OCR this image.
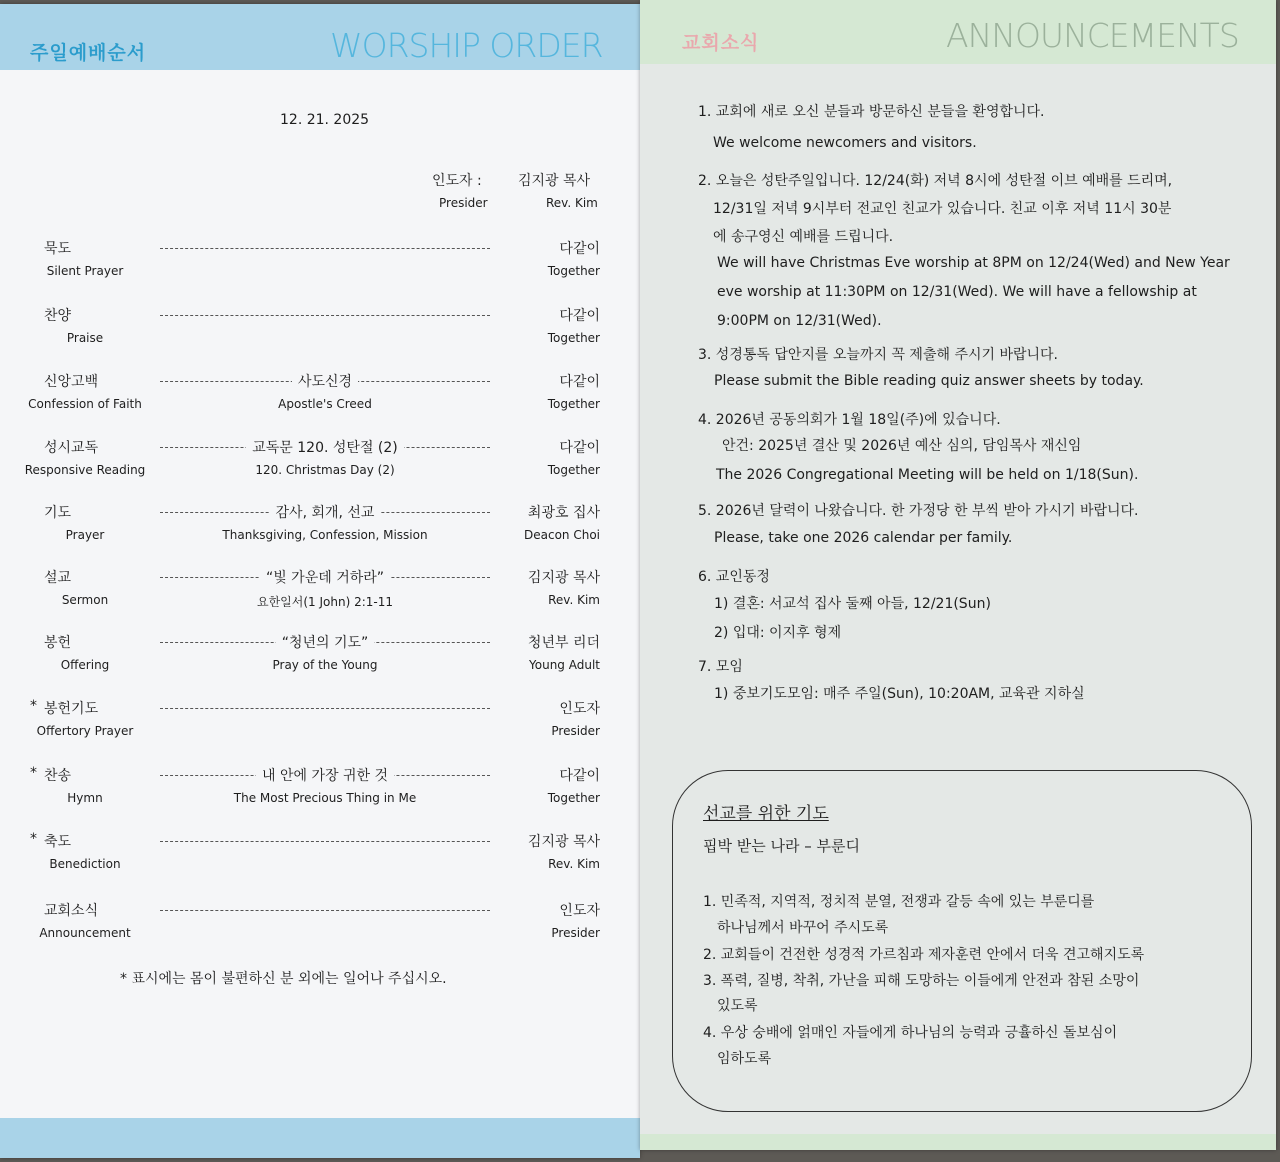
주일예배순서	WORSHIP ORDER
12. 21. 2025
인도자 :
Presider
김지광 목사
Rev. Kim
묵도
Silent Prayer
다같이
Together
찬양
Praise
다같이
Together
신앙고백
Confession of Faith
사도신경
Apostle's Creed
다같이
Together
성시교독
Responsive Reading
교독문 120. 성탄절 (2)
120. Christmas Day (2)
다같이
Together
기도
Prayer
감사, 회개, 선교
Thanksgiving, Confession, Mission
최광호 집사
Deacon Choi
설교
Sermon
“빛 가운데 거하라”
요한일서(1 John) 2:1-11
김지광 목사
Rev. Kim
봉헌
Offering
“청년의 기도”
Pray of the Young
청년부 리더
Young Adult
* 봉헌기도
Offertory Prayer
인도자
Presider
* 찬송
Hymn
내 안에 가장 귀한 것
The Most Precious Thing in Me
다같이
Together
* 축도
Benediction
김지광 목사
Rev. Kim
교회소식
Announcement
인도자
Presider
* 표시에는 몸이 불편하신 분 외에는 일어나 주십시오.
교회소식	ANNOUNCEMENTS
1. 교회에 새로 오신 분들과 방문하신 분들을 환영합니다.
We welcome newcomers and visitors.
2. 오늘은 성탄주일입니다. 12/24(화) 저녁 8시에 성탄절 이브 예배를 드리며,
12/31일 저녁 9시부터 전교인 친교가 있습니다. 친교 이후 저녁 11시 30분
에 송구영신 예배를 드립니다.
We will have Christmas Eve worship at 8PM on 12/24(Wed) and New Year
eve worship at 11:30PM on 12/31(Wed). We will have a fellowship at
9:00PM on 12/31(Wed).
3. 성경통독 답안지를 오늘까지 꼭 제출해 주시기 바랍니다.
Please submit the Bible reading quiz answer sheets by today.
4. 2026년 공동의회가 1월 18일(주)에 있습니다.
안건: 2025년 결산 및 2026년 예산 심의, 담임목사 재신임
The 2026 Congregational Meeting will be held on 1/18(Sun).
5. 2026년 달력이 나왔습니다. 한 가정당 한 부씩 받아 가시기 바랍니다.
Please, take one 2026 calendar per family.
6. 교인동정
1) 결혼: 서교석 집사 둘째 아들, 12/21(Sun)
2) 입대: 이지후 형제
7. 모임
1) 중보기도모임: 매주 주일(Sun), 10:20AM, 교육관 지하실
선교를 위한 기도
핍박 받는 나라 – 부룬디
1. 민족적, 지역적, 정치적 분열, 전쟁과 갈등 속에 있는 부룬디를
하나님께서 바꾸어 주시도록
2. 교회들이 건전한 성경적 가르침과 제자훈련 안에서 더욱 견고해지도록
3. 폭력, 질병, 착취, 가난을 피해 도망하는 이들에게 안전과 참된 소망이
있도록
4. 우상 숭배에 얽매인 자들에게 하나님의 능력과 긍휼하신 돌보심이
임하도록
